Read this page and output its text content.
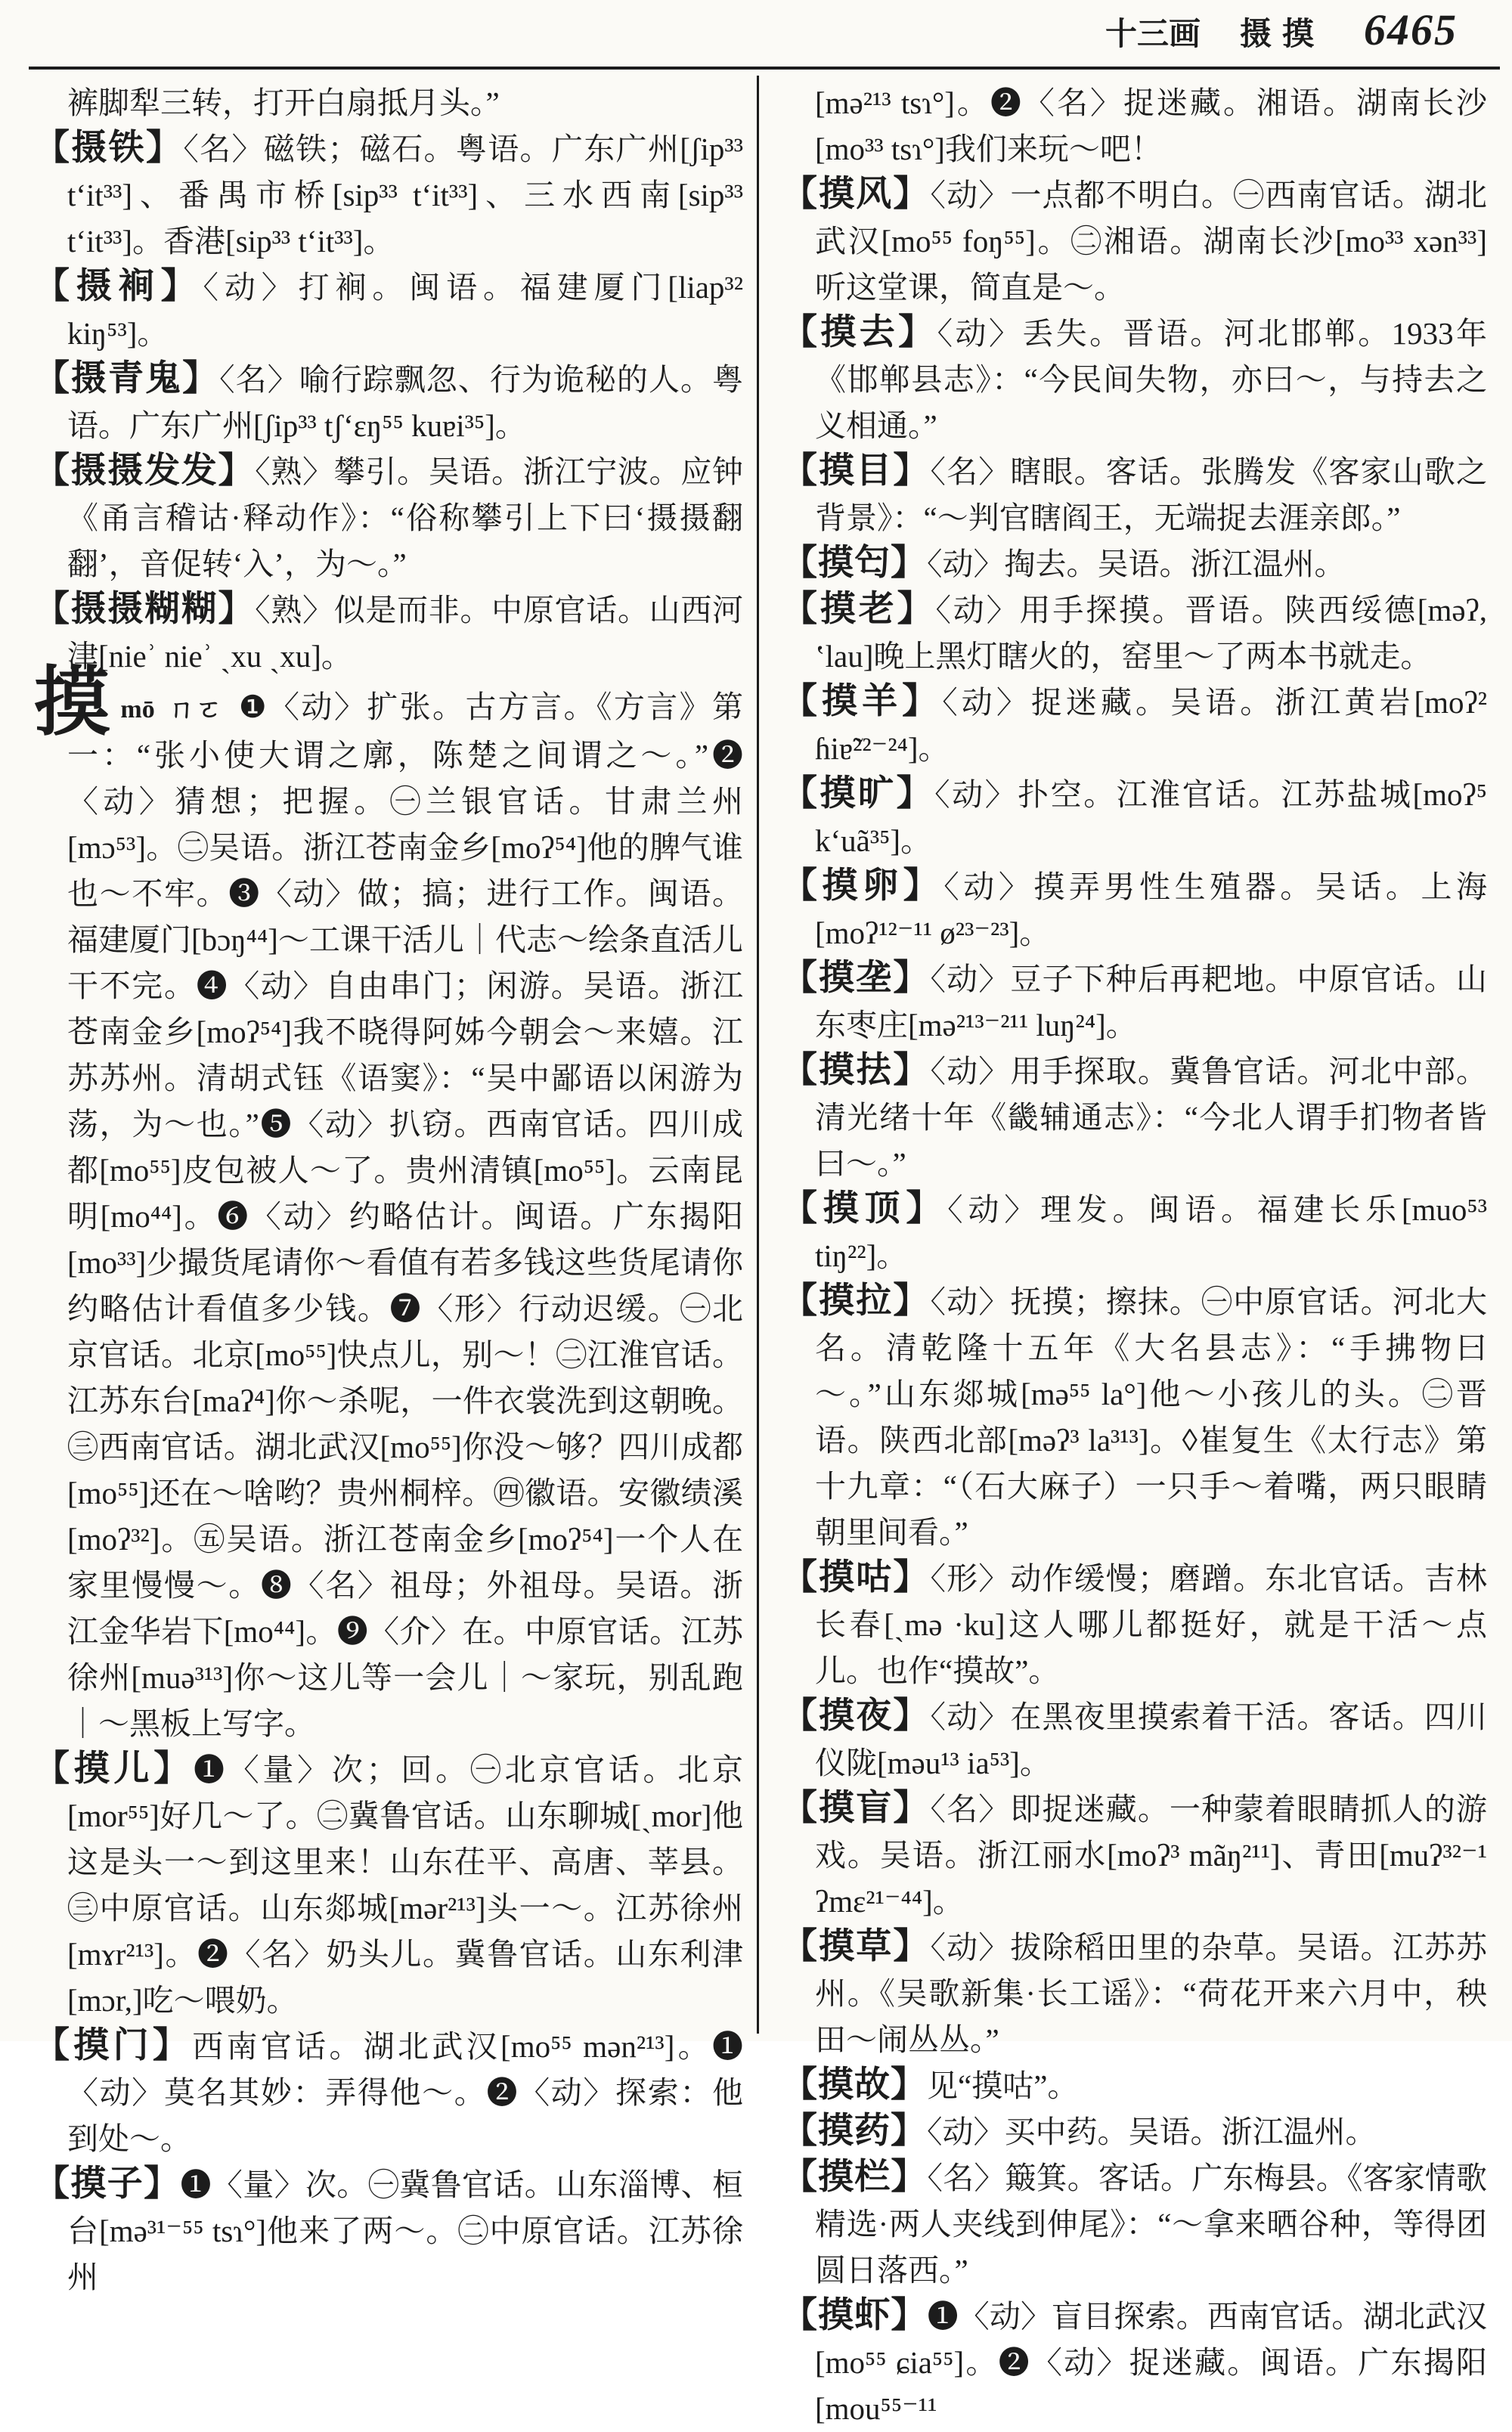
十三画 摄摸 6465
裤脚犁三转，打开白扇抵月头。”
【摄铁】〈名〉磁铁；磁石。粤语。广东广州[ʃip³³ t‘it³³]、番禺市桥[sip³³ t‘it³³]、三水西南[sip³³ t‘it³³]。香港[sip³³ t‘it³³]。
【摄裥】〈动〉打裥。闽语。福建厦门[liap³² kiŋ⁵³]。
【摄青鬼】〈名〉喻行踪飘忽、行为诡秘的人。粤语。广东广州[ʃip³³ tʃ‘ɛŋ⁵⁵ kuɐi³⁵]。
【摄摄发发】〈熟〉攀引。吴语。浙江宁波。应钟《甬言稽诂·释动作》：“俗称攀引上下曰‘摄摄翻翻’，音促转‘入’，为～。”
【摄摄糊糊】〈熟〉似是而非。中原官话。山西河津[nieʾ nieʾ ˎxu ˎxu]。
摸mō ㄇㄛ ❶〈动〉扩张。古方言。《方言》第一：“张小使大谓之廓，陈楚之间谓之～。”❷〈动〉猜想；把握。㊀兰银官话。甘肃兰州[mɔ⁵³]。㊁吴语。浙江苍南金乡[moʔ⁵⁴]他的脾气谁也～不牢。❸〈动〉做；搞；进行工作。闽语。福建厦门[bɔŋ⁴⁴]～工课干活儿｜代志～绘条直活儿干不完。❹〈动〉自由串门；闲游。吴语。浙江苍南金乡[moʔ⁵⁴]我不晓得阿姊今朝会～来嬉。江苏苏州。清胡式钰《语窦》：“吴中鄙语以闲游为荡，为～也。”❺〈动〉扒窃。西南官话。四川成都[mo⁵⁵]皮包被人～了。贵州清镇[mo⁵⁵]。云南昆明[mo⁴⁴]。❻〈动〉约略估计。闽语。广东揭阳[mo³³]少撮货尾请你～看值有若多钱这些货尾请你约略估计看值多少钱。❼〈形〉行动迟缓。㊀北京官话。北京[mo⁵⁵]快点儿，别～！㊁江淮官话。江苏东台[maʔ⁴]你～杀呢，一件衣裳洗到这朝晚。㊂西南官话。湖北武汉[mo⁵⁵]你没～够？四川成都[mo⁵⁵]还在～啥哟？贵州桐梓。㊃徽语。安徽绩溪[moʔ³²]。㊄吴语。浙江苍南金乡[moʔ⁵⁴]一个人在家里慢慢～。❽〈名〉祖母；外祖母。吴语。浙江金华岩下[mo⁴⁴]。❾〈介〉在。中原官话。江苏徐州[muə³¹³]你～这儿等一会儿｜～家玩，别乱跑｜～黑板上写字。
【摸儿】❶〈量〉次；回。㊀北京官话。北京[mor⁵⁵]好几～了。㊁冀鲁官话。山东聊城[ˎmor]他这是头一～到这里来！山东茌平、高唐、莘县。㊂中原官话。山东郯城[mər²¹³]头一～。江苏徐州[mɤr²¹³]。❷〈名〉奶头儿。冀鲁官话。山东利津[mɔr,]吃～喂奶。
【摸门】西南官话。湖北武汉[mo⁵⁵ mən²¹³]。❶〈动〉莫名其妙：弄得他～。❷〈动〉探索：他到处～。
【摸子】❶〈量〉次。㊀冀鲁官话。山东淄博、桓台[mə³¹⁻⁵⁵ tsɿ°]他来了两～。㊁中原官话。江苏徐州
[mə²¹³ tsɿ°]。❷〈名〉捉迷藏。湘语。湖南长沙[mo³³ tsɿ°]我们来玩～吧！
【摸风】〈动〉一点都不明白。㊀西南官话。湖北武汉[mo⁵⁵ foŋ⁵⁵]。㊁湘语。湖南长沙[mo³³ xən³³]听这堂课，简直是～。
【摸去】〈动〉丢失。晋语。河北邯郸。1933年《邯郸县志》：“今民间失物，亦曰～，与持去之义相通。”
【摸目】〈名〉瞎眼。客话。张腾发《客家山歌之背景》：“～判官瞎阎王，无端捉去涯亲郎。”
【摸匄】〈动〉掏去。吴语。浙江温州。
【摸老】〈动〉用手探摸。晋语。陕西绥德[məʔ, ʽlau]晚上黑灯瞎火的，窑里～了两本书就走。
【摸羊】〈动〉捉迷藏。吴语。浙江黄岩[moʔ² ɦiɐ̃²²⁻²⁴]。
【摸旷】〈动〉扑空。江淮官话。江苏盐城[moʔ⁵ k‘uã³⁵]。
【摸卵】〈动〉摸弄男性生殖器。吴话。上海[moʔ¹²⁻¹¹ ø²³⁻²³]。
【摸垄】〈动〉豆子下种后再耙地。中原官话。山东枣庄[mə²¹³⁻²¹¹ luŋ²⁴]。
【摸抾】〈动〉用手探取。冀鲁官话。河北中部。清光绪十年《畿辅通志》：“今北人谓手扪物者皆曰～。”
【摸顶】〈动〉理发。闽语。福建长乐[muo⁵³ tiŋ²²]。
【摸拉】〈动〉抚摸；擦抹。㊀中原官话。河北大名。清乾隆十五年《大名县志》：“手拂物曰～。”山东郯城[mə⁵⁵ la°]他～小孩儿的头。㊁晋语。陕西北部[məʔ³ la³¹³]。◊崔复生《太行志》第十九章：“（石大麻子）一只手～着嘴，两只眼睛朝里间看。”
【摸咕】〈形〉动作缓慢；磨蹭。东北官话。吉林长春[ˎmə ·ku]这人哪儿都挺好，就是干活～点儿。也作“摸故”。
【摸夜】〈动〉在黑夜里摸索着干活。客话。四川仪陇[məu¹³ ia⁵³]。
【摸盲】〈名〉即捉迷藏。一种蒙着眼睛抓人的游戏。吴语。浙江丽水[moʔ³ mãŋ²¹¹]、青田[muʔ³²⁻¹ ʔmɛ²¹⁻⁴⁴]。
【摸草】〈动〉拔除稻田里的杂草。吴语。江苏苏州。《吴歌新集·长工谣》：“荷花开来六月中，秧田～闹丛丛。”
【摸故】见“摸咕”。
【摸药】〈动〉买中药。吴语。浙江温州。
【摸栏】〈名〉簸箕。客话。广东梅县。《客家情歌精选·两人夹线到伸尾》：“～拿来晒谷种，等得团圆日落西。”
【摸虾】❶〈动〉盲目探索。西南官话。湖北武汉[mo⁵⁵ ɕia⁵⁵]。❷〈动〉捉迷藏。闽语。广东揭阳[mou⁵⁵⁻¹¹
